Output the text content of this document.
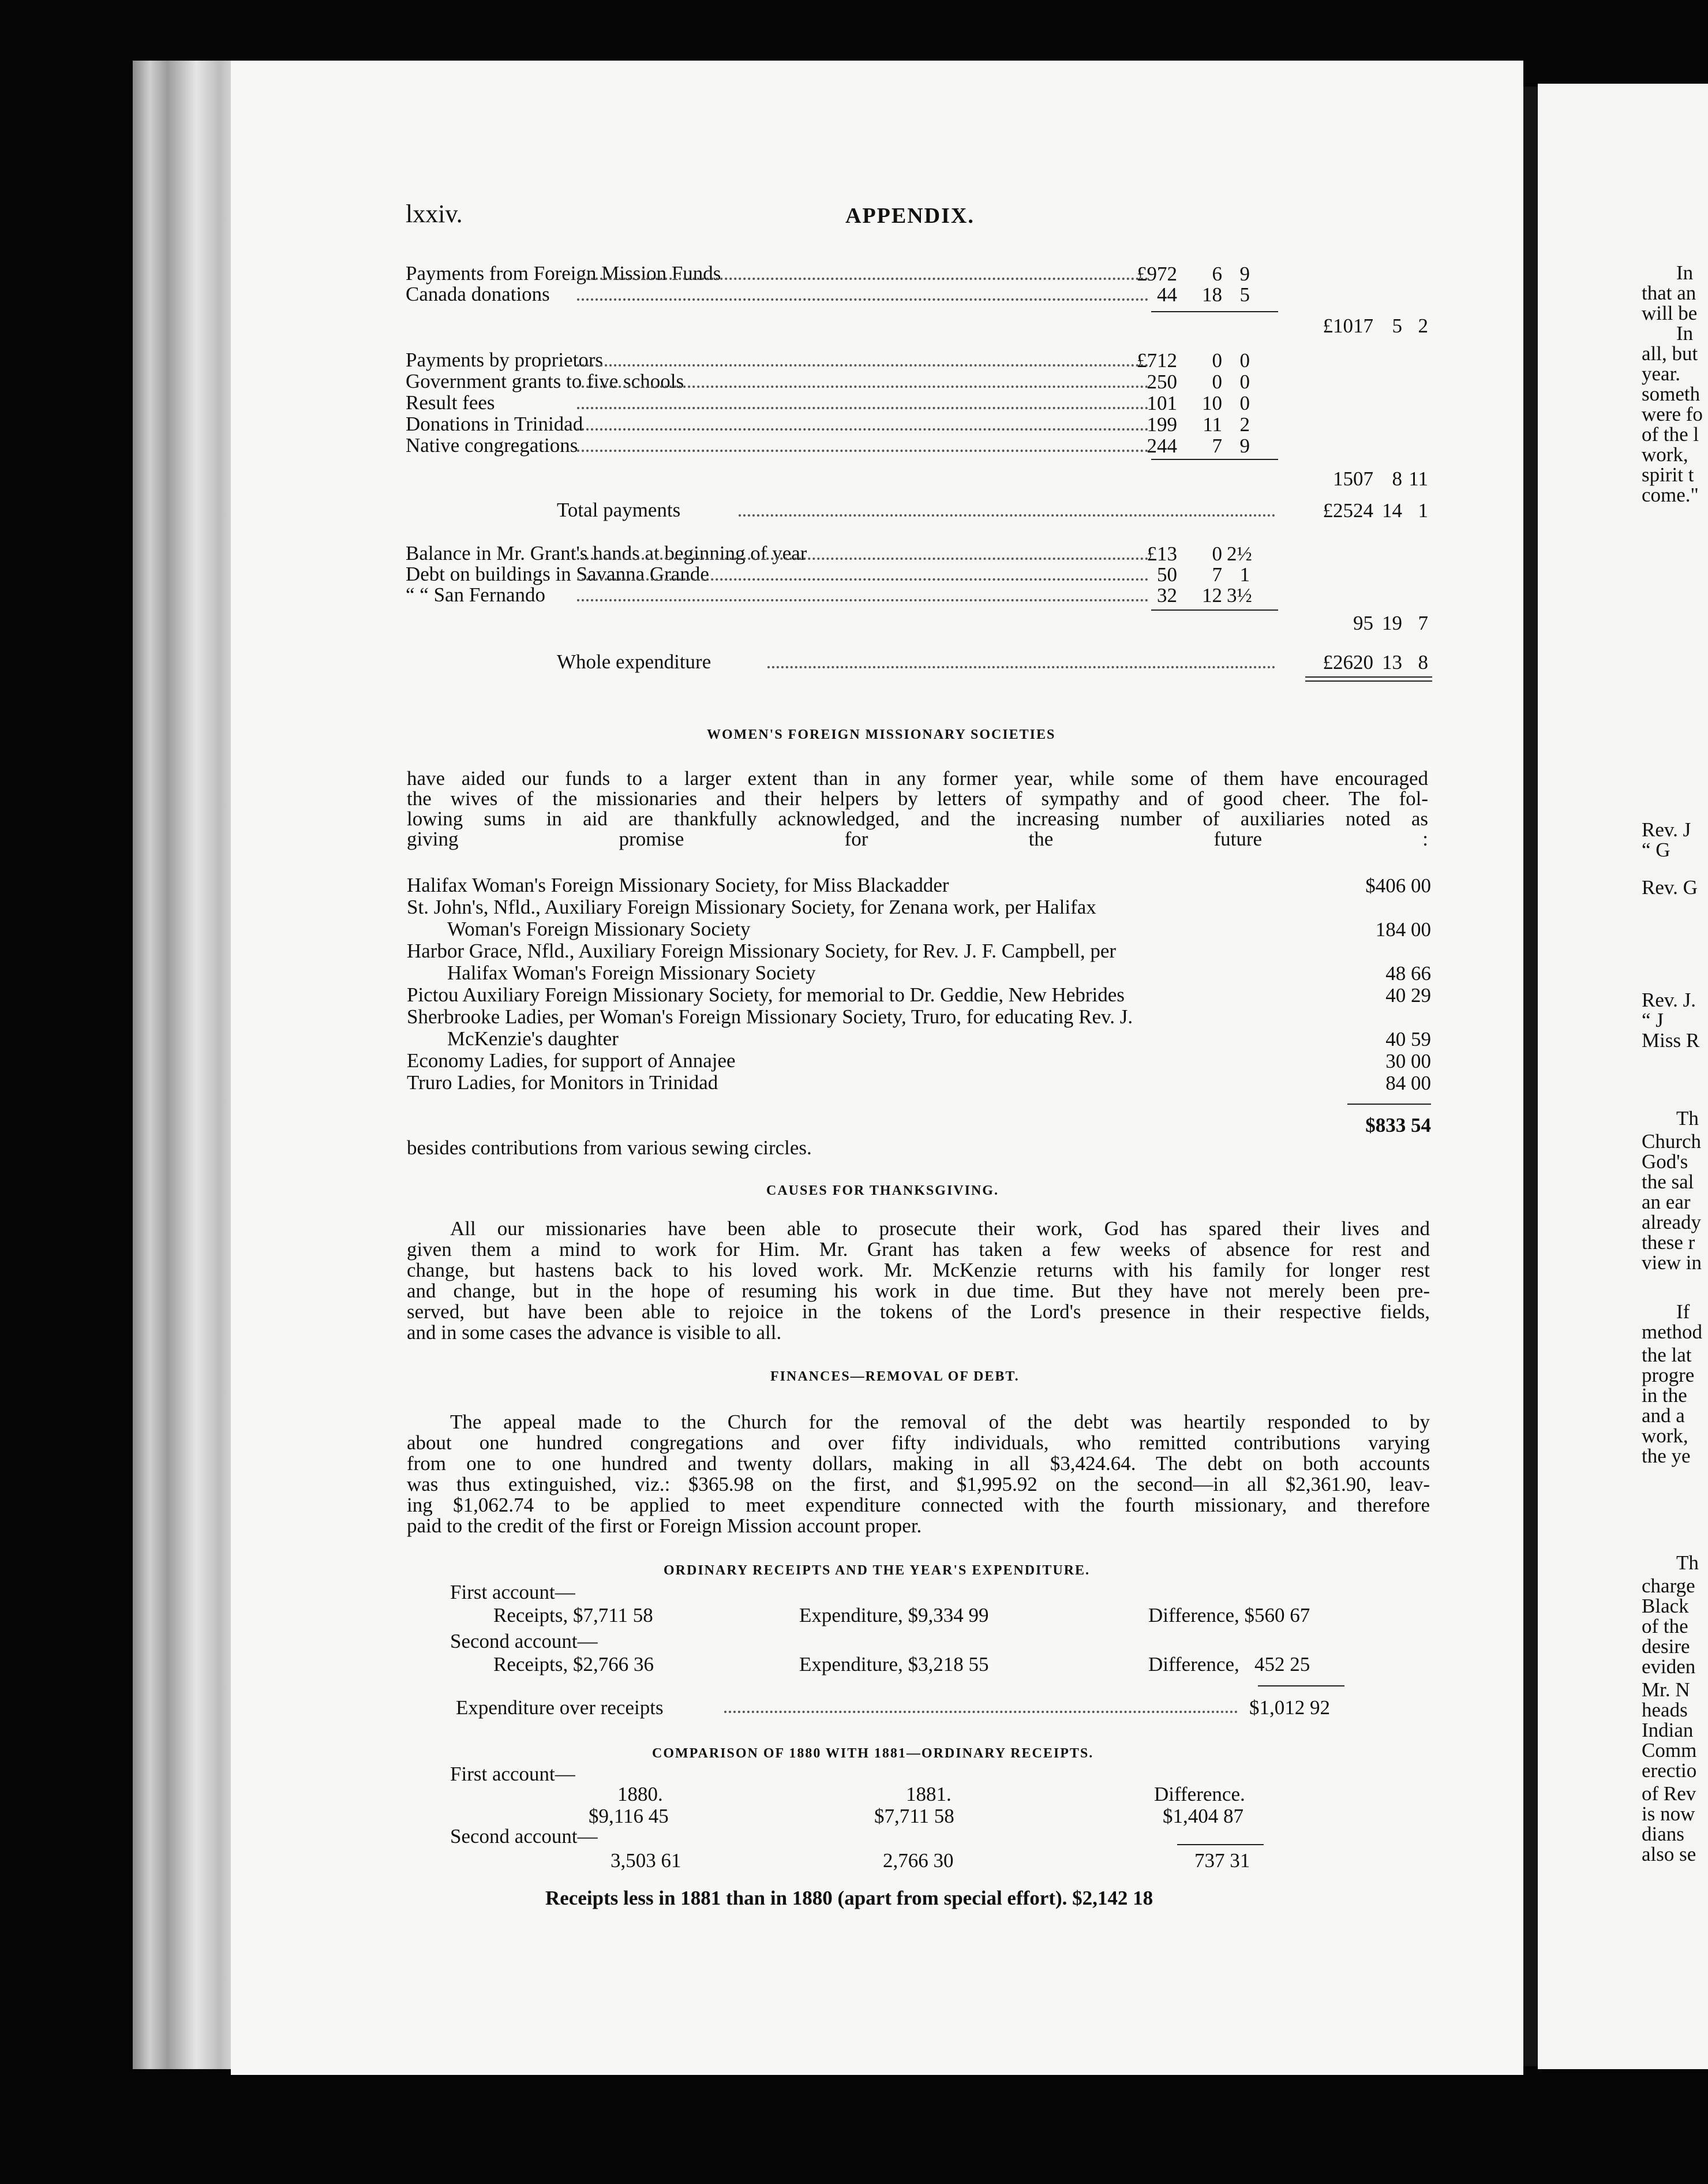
In
that an
will be
In
all, but
year.
someth
were fo
of the l
work,
spirit t
come."
Rev. J
“ G
Rev. G
Rev. J.
“ J
Miss R
Th
Church
God's
the sal
an ear
already
these r
view in
If
method
the lat
progre
in the
and a
work,
the ye
Th
charge
Black
of the
desire
eviden
Mr. N
heads
Indian
Comm
erectio
of Rev
is now
dians
also se
lxxiv.	APPENDIX.
Payments from Foreign Mission Funds	£972	6 9
Canada donations	44	18 5
£1017 5 2
Payments by proprietors	£712	0 0
Government grants to five schools	250	0 0
Result fees	101	10 0
Donations in Trinidad	199	11 2
Native congregations	244	7 9
1507 8 11
Total payments	£2524 14 1
Balance in Mr. Grant's hands at beginning of year	£13	0 2½
Debt on buildings in Savanna Grande	50	7 1
“ “ San Fernando	32	12 3½
95 19 7
Whole expenditure	£2620 13 8
WOMEN'S FOREIGN MISSIONARY SOCIETIES
have aided our funds to a larger extent than in any former year, while some of them have encouraged
the wives of the missionaries and their helpers by letters of sympathy and of good cheer. The fol-
lowing sums in aid are thankfully acknowledged, and the increasing number of auxiliaries noted as
giving promise for the future :
Halifax Woman's Foreign Missionary Society, for Miss Blackadder	$406 00
St. John's, Nfld., Auxiliary Foreign Missionary Society, for Zenana work, per Halifax
Woman's Foreign Missionary Society	184 00
Harbor Grace, Nfld., Auxiliary Foreign Missionary Society, for Rev. J. F. Campbell, per
Halifax Woman's Foreign Missionary Society	48 66
Pictou Auxiliary Foreign Missionary Society, for memorial to Dr. Geddie, New Hebrides	40 29
Sherbrooke Ladies, per Woman's Foreign Missionary Society, Truro, for educating Rev. J.
McKenzie's daughter	40 59
Economy Ladies, for support of Annajee	30 00
Truro Ladies, for Monitors in Trinidad	84 00
$833 54
besides contributions from various sewing circles.
CAUSES FOR THANKSGIVING.
All our missionaries have been able to prosecute their work, God has spared their lives and
given them a mind to work for Him. Mr. Grant has taken a few weeks of absence for rest and
change, but hastens back to his loved work. Mr. McKenzie returns with his family for longer rest
and change, but in the hope of resuming his work in due time. But they have not merely been pre-
served, but have been able to rejoice in the tokens of the Lord's presence in their respective fields,
and in some cases the advance is visible to all.
FINANCES—REMOVAL OF DEBT.
The appeal made to the Church for the removal of the debt was heartily responded to by
about one hundred congregations and over fifty individuals, who remitted contributions varying
from one to one hundred and twenty dollars, making in all $3,424.64. The debt on both accounts
was thus extinguished, viz.: $365.98 on the first, and $1,995.92 on the second—in all $2,361.90, leav-
ing $1,062.74 to be applied to meet expenditure connected with the fourth missionary, and therefore
paid to the credit of the first or Foreign Mission account proper.
ORDINARY RECEIPTS AND THE YEAR'S EXPENDITURE.
First account—
Receipts, $7,711 58	Expenditure, $9,334 99	Difference, $560 67
Second account—
Receipts, $2,766 36	Expenditure, $3,218 55	Difference,   452 25
Expenditure over receipts	$1,012 92
COMPARISON OF 1880 WITH 1881—ORDINARY RECEIPTS.
First account—
1880.	1881.	Difference.
$9,116 45	$7,711 58	$1,404 87
Second account—
3,503 61	2,766 30	737 31
Receipts less in 1881 than in 1880 (apart from special effort). $2,142 18
